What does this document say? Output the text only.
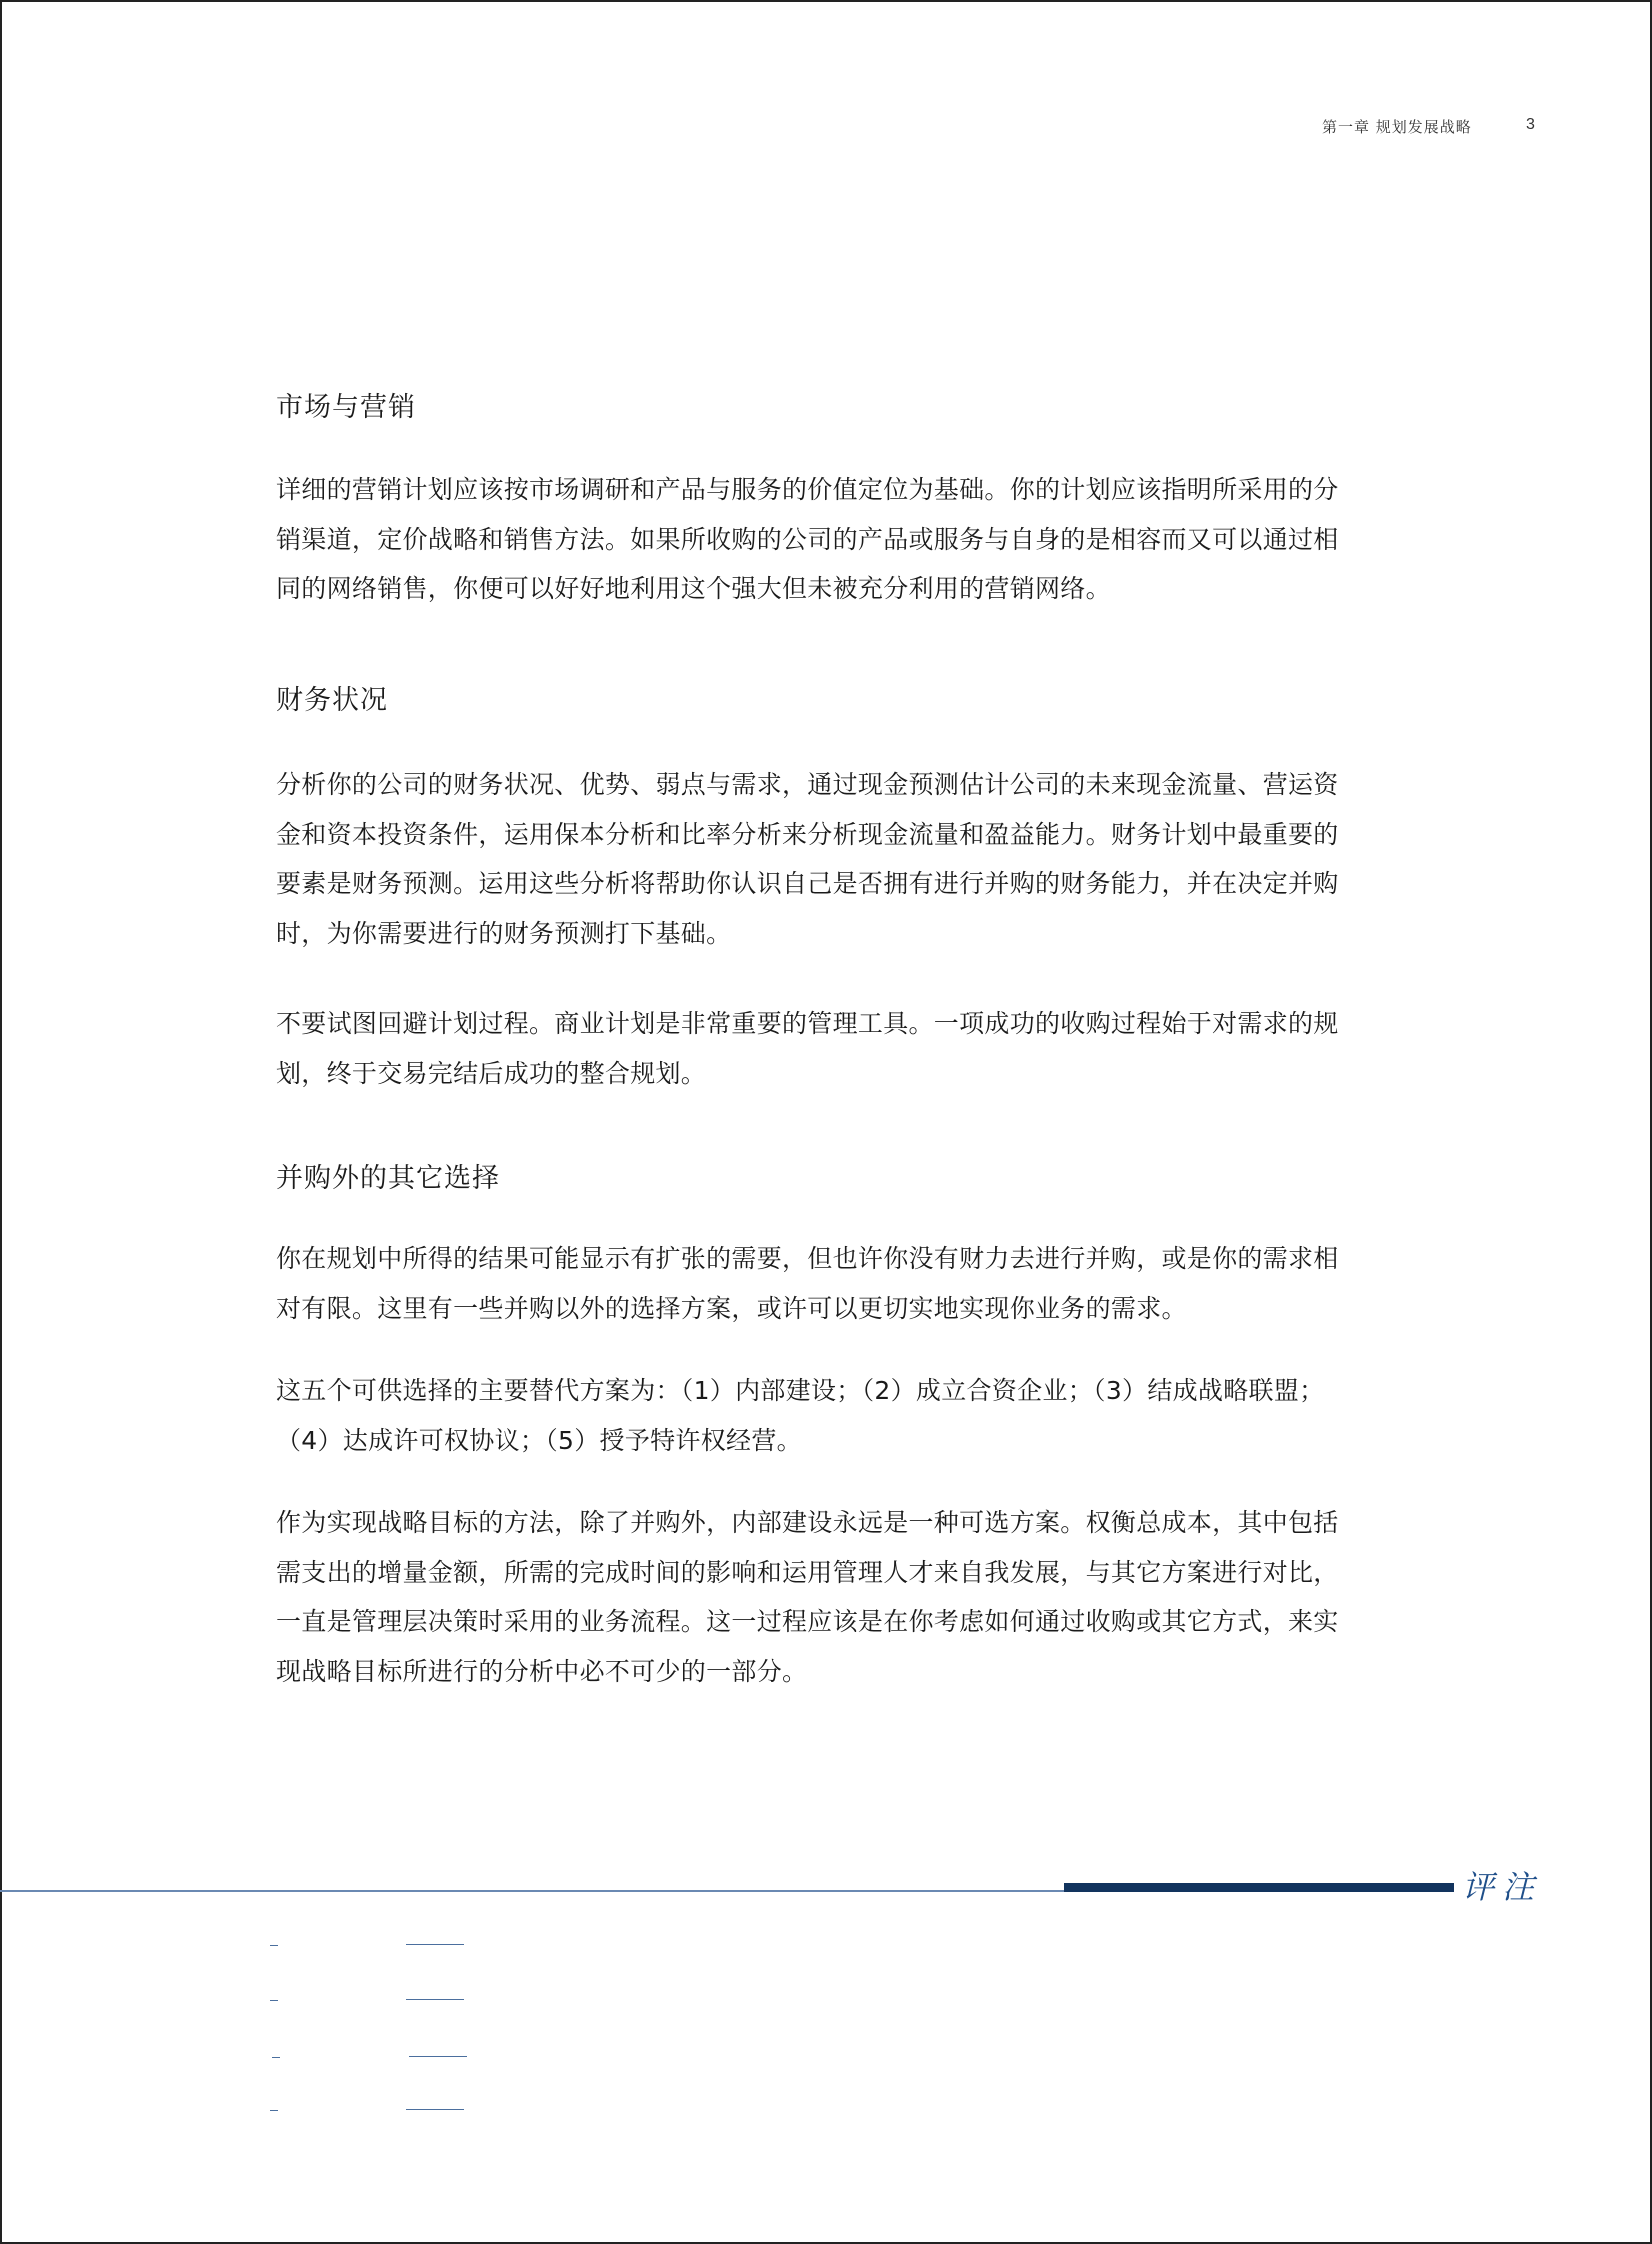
第一章 规划发展战略	3
市场与营销

详细的营销计划应该按市场调研和产品与服务的价值定位为基础。你的计划应该指明所采用的分销渠道，定价战略和销售方法。如果所收购的公司的产品或服务与自身的是相容而又可以通过相同的网络销售，你便可以好好地利用这个强大但未被充分利用的营销网络。

财务状况

分析你的公司的财务状况、优势、弱点与需求，通过现金预测估计公司的未来现金流量、营运资金和资本投资条件，运用保本分析和比率分析来分析现金流量和盈益能力。财务计划中最重要的要素是财务预测。运用这些分析将帮助你认识自己是否拥有进行并购的财务能力，并在决定并购时，为你需要进行的财务预测打下基础。

不要试图回避计划过程。商业计划是非常重要的管理工具。一项成功的收购过程始于对需求的规划，终于交易完结后成功的整合规划。

并购外的其它选择

你在规划中所得的结果可能显示有扩张的需要，但也许你没有财力去进行并购，或是你的需求相对有限。这里有一些并购以外的选择方案，或许可以更切实地实现你业务的需求。

这五个可供选择的主要替代方案为：（1）内部建设；（2）成立合资企业；（3）结成战略联盟；（4）达成许可权协议；（5）授予特许权经营。

作为实现战略目标的方法，除了并购外，内部建设永远是一种可选方案。权衡总成本，其中包括需支出的增量金额，所需的完成时间的影响和运用管理人才来自我发展，与其它方案进行对比，一直是管理层决策时采用的业务流程。这一过程应该是在你考虑如何通过收购或其它方式，来实现战略目标所进行的分析中必不可少的一部分。

评注
